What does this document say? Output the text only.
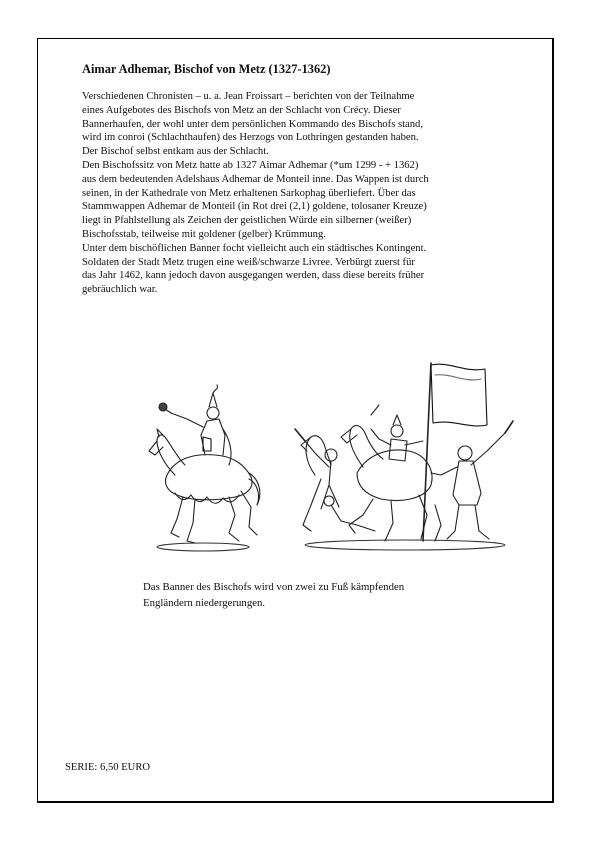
Aimar Adhemar, Bischof von Metz (1327-1362)
Verschiedenen Chronisten – u. a. Jean Froissart – berichten von der Teilnahme
eines Aufgebotes des Bischofs von Metz an der Schlacht von Crécy. Dieser
Bannerhaufen, der wohl unter dem persönlichen Kommando des Bischofs stand,
wird im conroi (Schlachthaufen) des Herzogs von Lothringen gestanden haben.
Der Bischof selbst entkam aus der Schlacht.
Den Bischofssitz von Metz hatte ab 1327 Aimar Adhemar (*um 1299 - + 1362)
aus dem bedeutenden Adelshaus Adhemar de Monteil inne. Das Wappen ist durch
seinen, in der Kathedrale von Metz erhaltenen Sarkophag überliefert. Über das
Stammwappen Adhemar de Monteil (in Rot drei (2,1) goldene, tolosaner Kreuze)
liegt in Pfahlstellung als Zeichen der geistlichen Würde ein silberner (weißer)
Bischofsstab, teilweise mit goldener (gelber) Krümmung.
Unter dem bischöflichen Banner focht vielleicht auch ein städtisches Kontingent.
Soldaten der Stadt Metz trugen eine weiß/schwarze Livree. Verbürgt zuerst für
das Jahr 1462, kann jedoch davon ausgegangen werden, dass diese bereits früher
gebräuchlich war.
Das Banner des Bischofs wird von zwei zu Fuß kämpfenden
Engländern niedergerungen.
SERIE: 6,50 EURO
